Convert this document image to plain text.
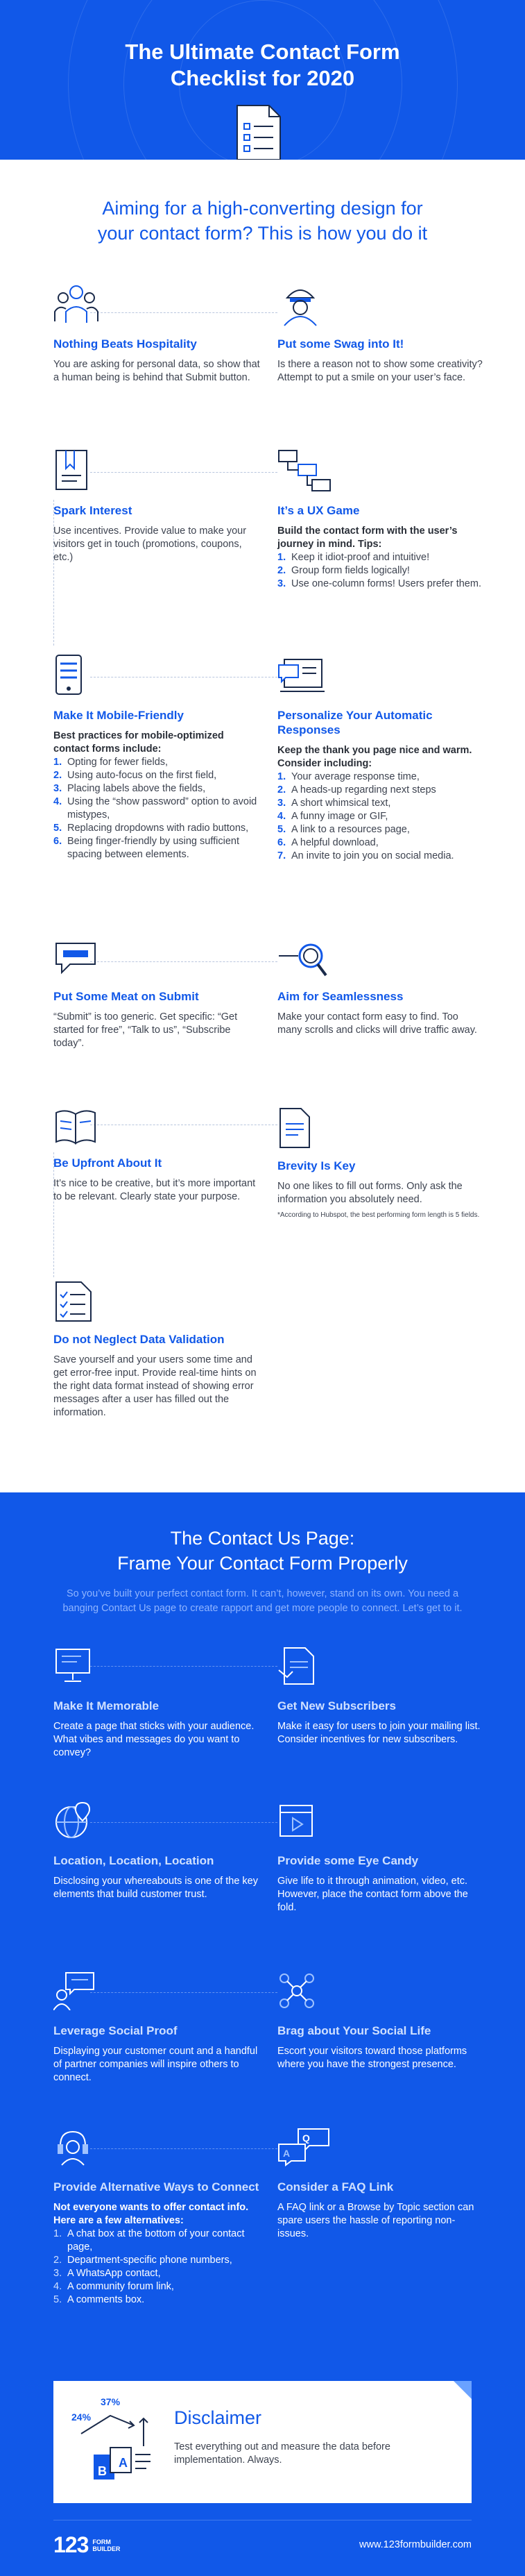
The Ultimate Contact Form
Checklist for 2020
Aiming for a high-converting design for
your contact form? This is how you do it
Nothing Beats Hospitality

You are asking for personal data, so show that a human being is behind that Submit button.

Put some Swag into It!

Is there a reason not to show some creativity? Attempt to put a smile on your user’s face.

Spark Interest

Use incentives. Provide value to make your visitors get in touch (promotions, coupons, etc.)

It’s a UX Game

Build the contact form with the user’s journey in mind. Tips:

1. Keep it idiot-proof and intuitive!
2. Group form fields logically!
3. Use one-column forms! Users prefer them.
Make It Mobile-Friendly

Best practices for mobile-optimized contact forms include:

1. Opting for fewer fields,
2. Using auto-focus on the first field,
3. Placing labels above the fields,
4. Using the “show password” option to avoid mistypes,
5. Replacing dropdowns with radio buttons,
6. Being finger-friendly by using sufficient spacing between elements.
Personalize Your Automatic Responses

Keep the thank you page nice and warm. Consider including:

1. Your average response time,
2. A heads-up regarding next steps
3. A short whimsical text,
4. A funny image or GIF,
5. A link to a resources page,
6. A helpful download,
7. An invite to join you on social media.
Put Some Meat on Submit

“Submit” is too generic. Get specific: “Get started for free”, “Talk to us”, “Subscribe today”.

Aim for Seamlessness

Make your contact form easy to find. Too many scrolls and clicks will drive traffic away.

Be Upfront About It

It’s nice to be creative, but it’s more important to be relevant. Clearly state your purpose.

Brevity Is Key

No one likes to fill out forms. Only ask the information you absolutely need.

*According to Hubspot, the best performing form length is 5 fields.

Do not Neglect Data Validation

Save yourself and your users some time and get error-free input. Provide real-time hints on the right data format instead of showing error messages after a user has filled out the information.

The Contact Us Page:
Frame Your Contact Form Properly

So you’ve built your perfect contact form. It can’t, however, stand on its own. You need a banging Contact Us page to create rapport and get more people to connect. Let’s get to it.

Make It Memorable

Create a page that sticks with your audience. What vibes and messages do you want to convey?

Get New Subscribers

Make it easy for users to join your mailing list. Consider incentives for new subscribers.

Location, Location, Location

Disclosing your whereabouts is one of the key elements that build customer trust.

Provide some Eye Candy

Give life to it through animation, video, etc. However, place the contact form above the fold.

Leverage Social Proof

Displaying your customer count and a handful of partner companies will inspire others to connect.

Brag about Your Social Life

Escort your visitors toward those platforms where you have the strongest presence.

Provide Alternative Ways to Connect

Not everyone wants to offer contact info. Here are a few alternatives:

1. A chat box at the bottom of your contact page,
2. Department-specific phone numbers,
3. A WhatsApp contact,
4. A community forum link,
5. A comments box.
Q
A
Consider a FAQ Link

A FAQ link or a Browse by Topic section can spare users the hassle of reporting non-issues.

24%
37%
B
A
Disclaimer

Test everything out and measure the data before implementation. Always.

123 FORM
BUILDER	www.123formbuilder.com
